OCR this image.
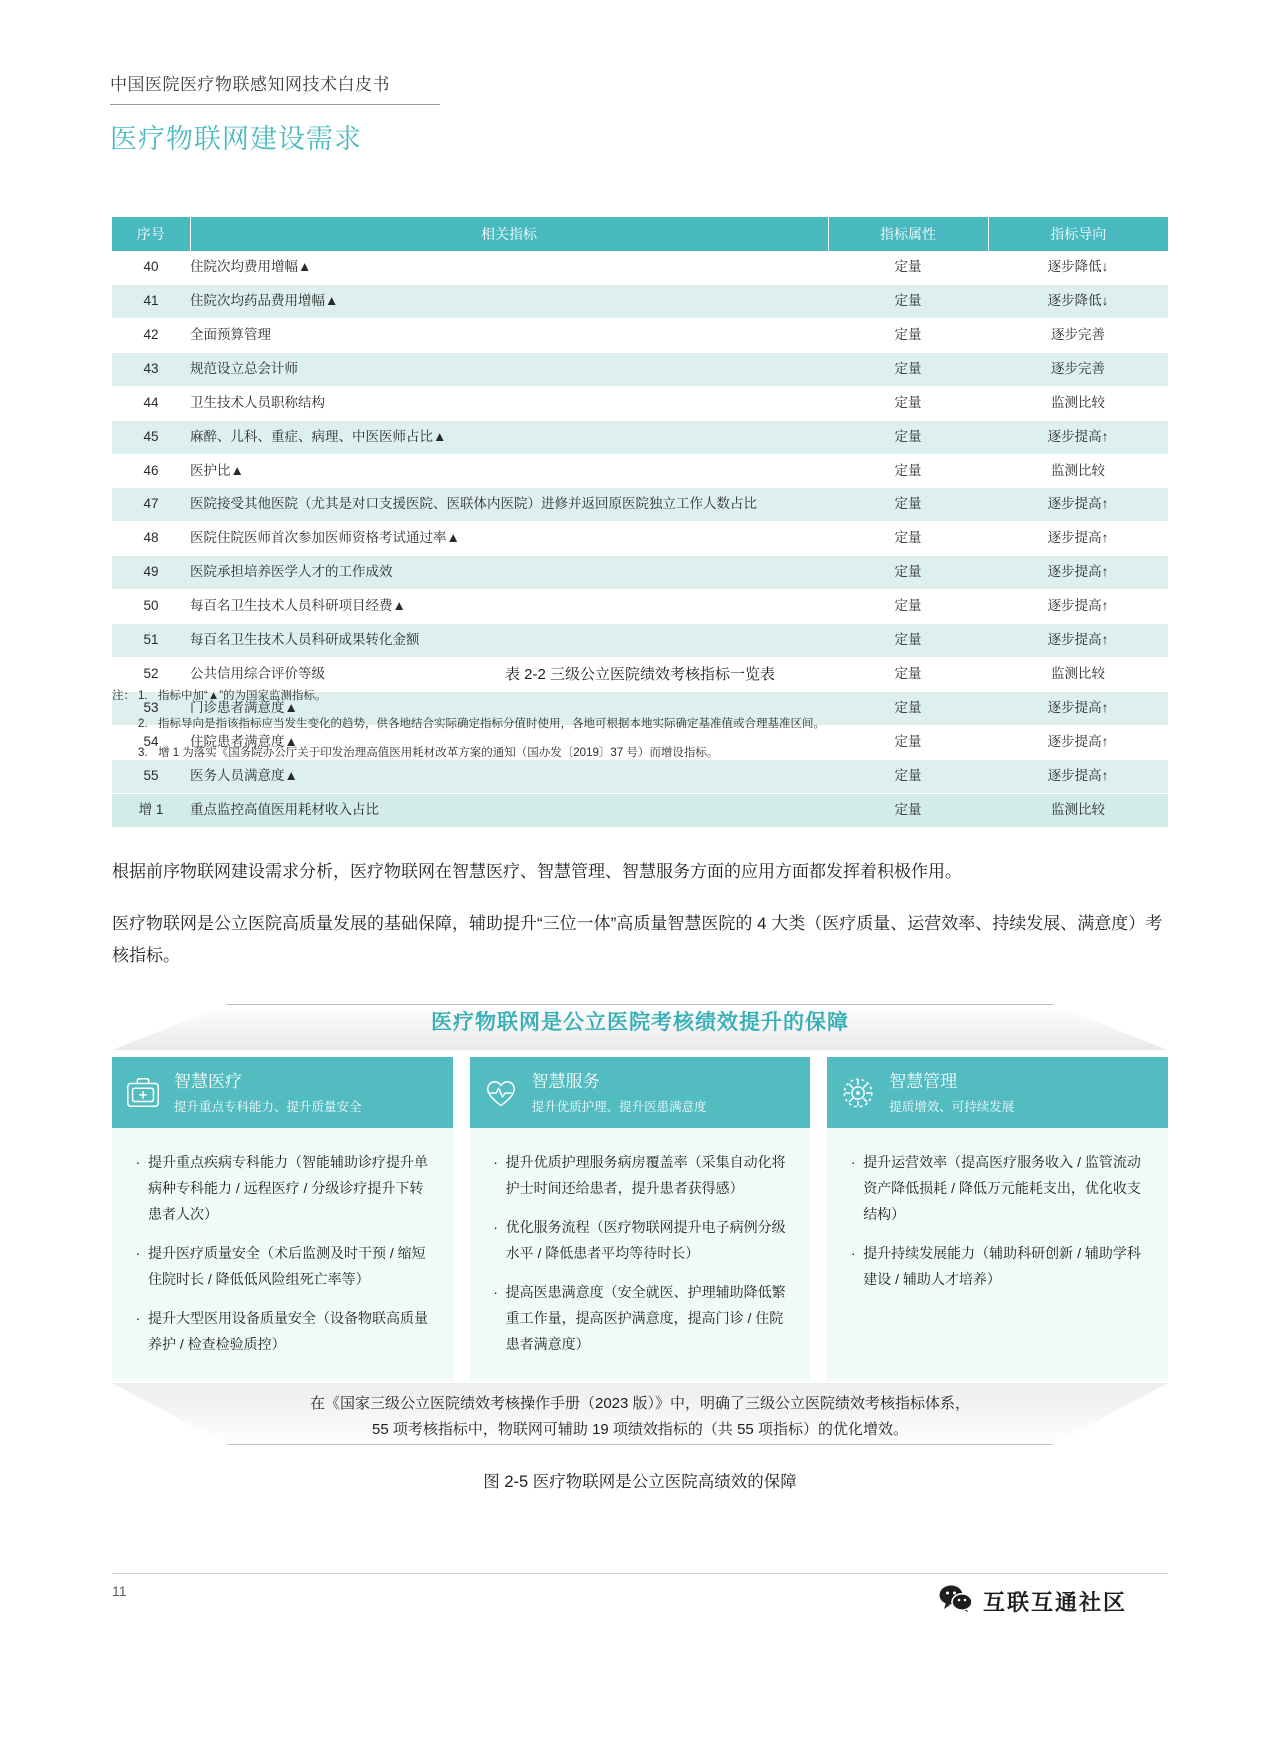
中国医院医疗物联感知网技术白皮书
医疗物联网建设需求
序号	相关指标	指标属性	指标导向
40	住院次均费用增幅▲	定量	逐步降低↓
41	住院次均药品费用增幅▲	定量	逐步降低↓
42	全面预算管理	定量	逐步完善
43	规范设立总会计师	定量	逐步完善
44	卫生技术人员职称结构	定量	监测比较
45	麻醉、儿科、重症、病理、中医医师占比▲	定量	逐步提高↑
46	医护比▲	定量	监测比较
47	医院接受其他医院（尤其是对口支援医院、医联体内医院）进修并返回原医院独立工作人数占比	定量	逐步提高↑
48	医院住院医师首次参加医师资格考试通过率▲	定量	逐步提高↑
49	医院承担培养医学人才的工作成效	定量	逐步提高↑
50	每百名卫生技术人员科研项目经费▲	定量	逐步提高↑
51	每百名卫生技术人员科研成果转化金额	定量	逐步提高↑
52	公共信用综合评价等级	定量	监测比较
53	门诊患者满意度▲	定量	逐步提高↑
54	住院患者满意度▲	定量	逐步提高↑
55	医务人员满意度▲	定量	逐步提高↑
增 1	重点监控高值医用耗材收入占比	定量	监测比较
表 2-2 三级公立医院绩效考核指标一览表
注： 1. 指标中加“▲”的为国家监测指标。
2. 指标导向是指该指标应当发生变化的趋势，供各地结合实际确定指标分值时使用，各地可根据本地实际确定基准值或合理基准区间。
3. 增 1 为落实《国务院办公厅关于印发治理高值医用耗材改革方案的通知（国办发〔2019〕37 号）而增设指标。
根据前序物联网建设需求分析，医疗物联网在智慧医疗、智慧管理、智慧服务方面的应用方面都发挥着积极作用。
医疗物联网是公立医院高质量发展的基础保障，辅助提升“三位一体”高质量智慧医院的 4 大类（医疗质量、运营效率、持续发展、满意度）考核指标。
医疗物联网是公立医院考核绩效提升的保障
智慧医疗
提升重点专科能力、提升质量安全
· 提升重点疾病专科能力（智能辅助诊疗提升单病种专科能力 / 远程医疗 / 分级诊疗提升下转患者人次）
· 提升医疗质量安全（术后监测及时干预 / 缩短住院时长 / 降低低风险组死亡率等）
· 提升大型医用设备质量安全（设备物联高质量养护 / 检查检验质控）
智慧服务
提升优质护理、提升医患满意度
· 提升优质护理服务病房覆盖率（采集自动化将护士时间还给患者，提升患者获得感）
· 优化服务流程（医疗物联网提升电子病例分级水平 / 降低患者平均等待时长）
· 提高医患满意度（安全就医、护理辅助降低繁重工作量，提高医护满意度，提高门诊 / 住院患者满意度）
智慧管理
提质增效、可持续发展
· 提升运营效率（提高医疗服务收入 / 监管流动资产降低损耗 / 降低万元能耗支出，优化收支结构）
· 提升持续发展能力（辅助科研创新 / 辅助学科建设 / 辅助人才培养）
在《国家三级公立医院绩效考核操作手册（2023 版）》中，明确了三级公立医院绩效考核指标体系，
55 项考核指标中，物联网可辅助 19 项绩效指标的（共 55 项指标）的优化增效。
图 2-5 医疗物联网是公立医院高绩效的保障
11	互联互通社区
